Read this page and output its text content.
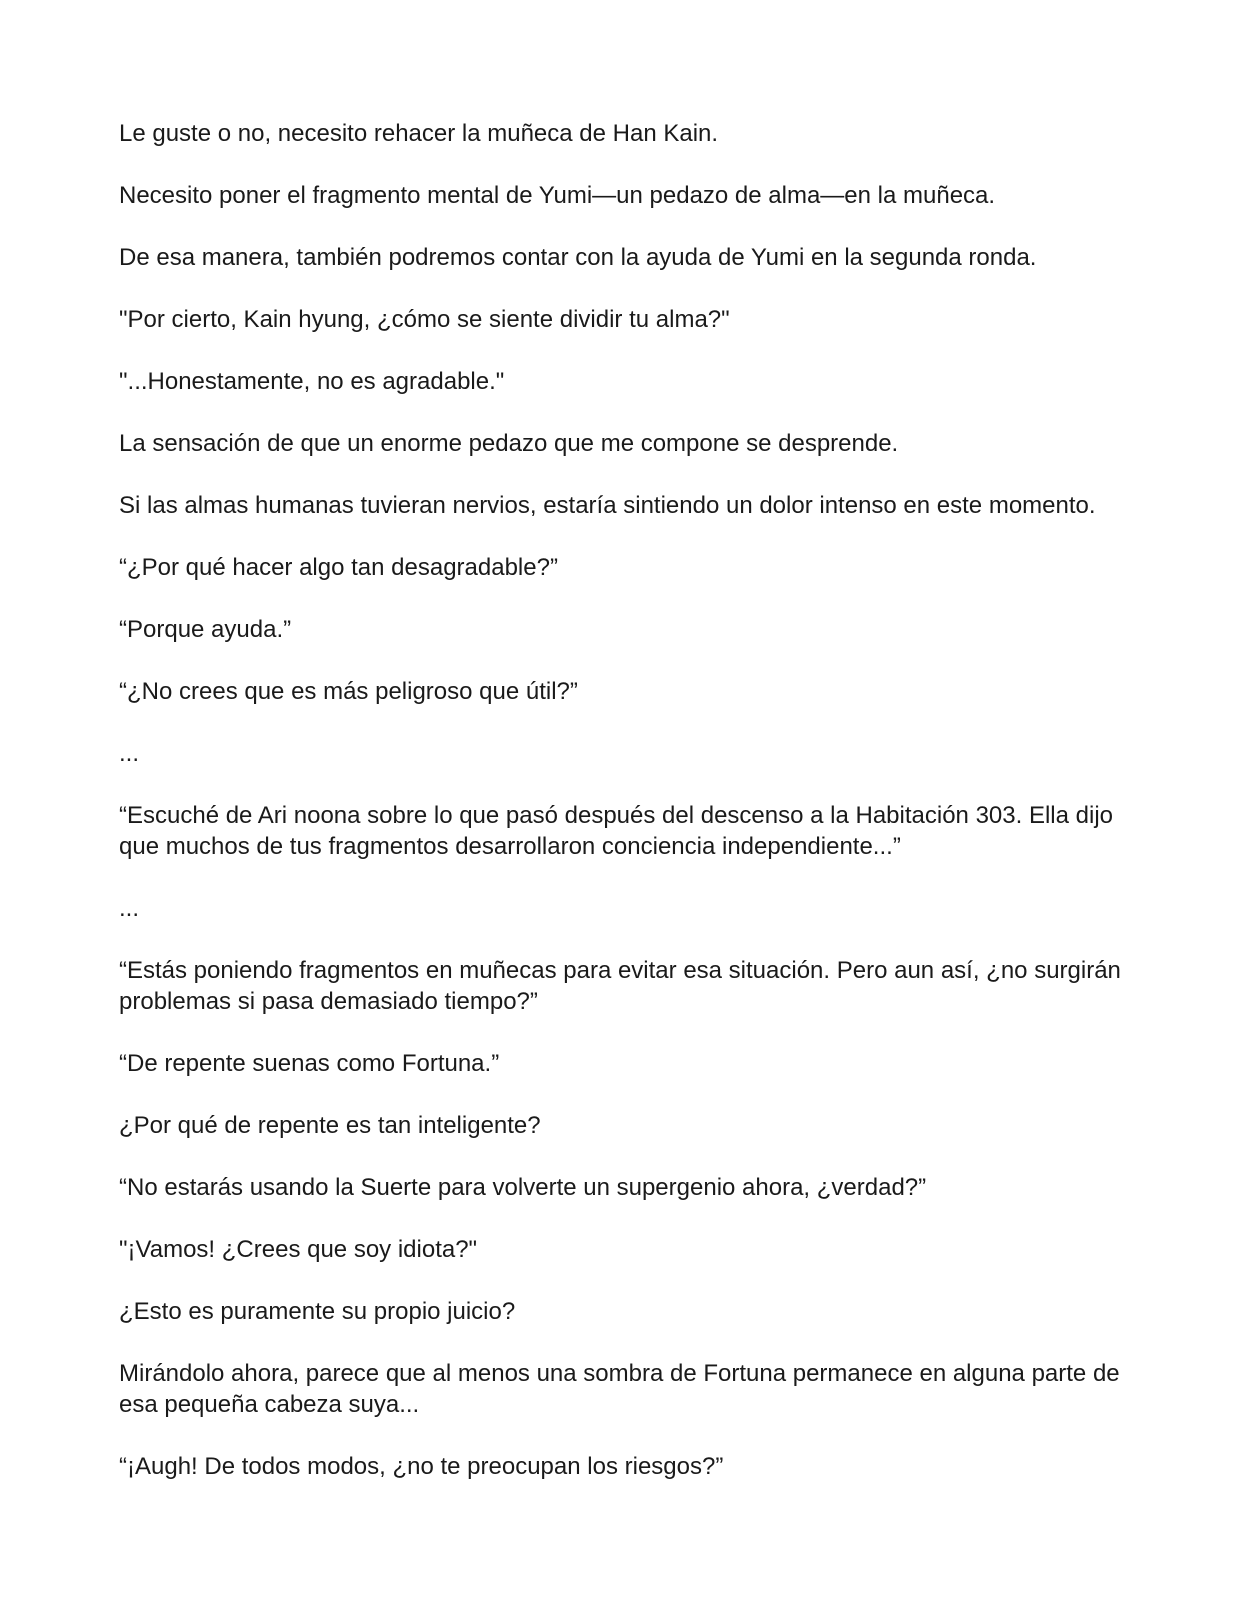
Le guste o no, necesito rehacer la muñeca de Han Kain.

Necesito poner el fragmento mental de Yumi—un pedazo de alma—en la muñeca.

De esa manera, también podremos contar con la ayuda de Yumi en la segunda ronda.

"Por cierto, Kain hyung, ¿cómo se siente dividir tu alma?"

"...Honestamente, no es agradable."

La sensación de que un enorme pedazo que me compone se desprende.

Si las almas humanas tuvieran nervios, estaría sintiendo un dolor intenso en este momento.

“¿Por qué hacer algo tan desagradable?”

“Porque ayuda.”

“¿No crees que es más peligroso que útil?”

...

“Escuché de Ari noona sobre lo que pasó después del descenso a la Habitación 303. Ella dijo que muchos de tus fragmentos desarrollaron conciencia independiente...”

...

“Estás poniendo fragmentos en muñecas para evitar esa situación. Pero aun así, ¿no surgirán problemas si pasa demasiado tiempo?”

“De repente suenas como Fortuna.”

¿Por qué de repente es tan inteligente?

“No estarás usando la Suerte para volverte un supergenio ahora, ¿verdad?”

"¡Vamos! ¿Crees que soy idiota?"

¿Esto es puramente su propio juicio?

Mirándolo ahora, parece que al menos una sombra de Fortuna permanece en alguna parte de esa pequeña cabeza suya...

“¡Augh! De todos modos, ¿no te preocupan los riesgos?”
